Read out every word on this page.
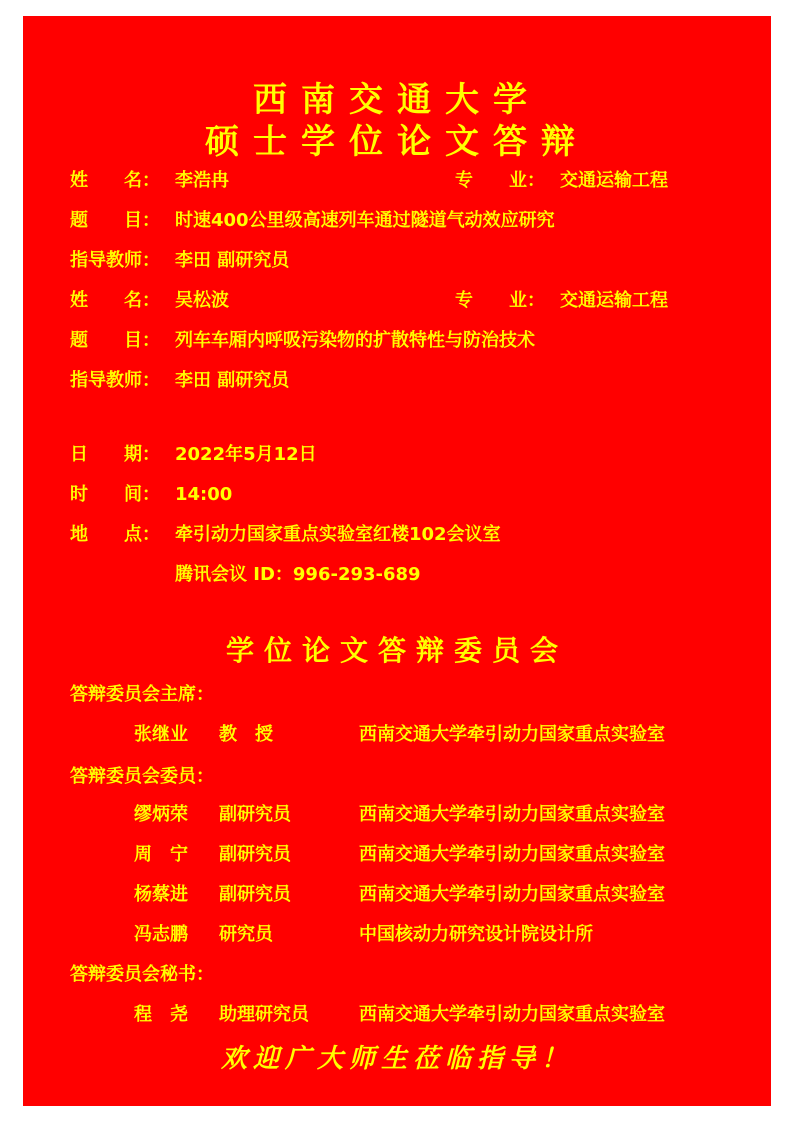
西南交通大学
硕士学位论文答辩
姓　　名： 李浩冉	专　　业： 交通运输工程
题　　目： 时速400公里级高速列车通过隧道气动效应研究
指导教师： 李田 副研究员
姓　　名： 吴松波	专　　业： 交通运输工程
题　　目： 列车车厢内呼吸污染物的扩散特性与防治技术
指导教师： 李田 副研究员
日　　期： 2022年5月12日
时　　间： 14:00
地　　点： 牵引动力国家重点实验室红楼102会议室
腾讯会议 ID：996-293-689
学位论文答辩委员会
答辩委员会主席：
张继业 教　授	西南交通大学牵引动力国家重点实验室
答辩委员会委员：
缪炳荣 副研究员	西南交通大学牵引动力国家重点实验室
周　宁 副研究员	西南交通大学牵引动力国家重点实验室
杨蔡进 副研究员	西南交通大学牵引动力国家重点实验室
冯志鹏 研究员	中国核动力研究设计院设计所
答辩委员会秘书：
程　尧 助理研究员	西南交通大学牵引动力国家重点实验室
欢迎广大师生莅临指导！
